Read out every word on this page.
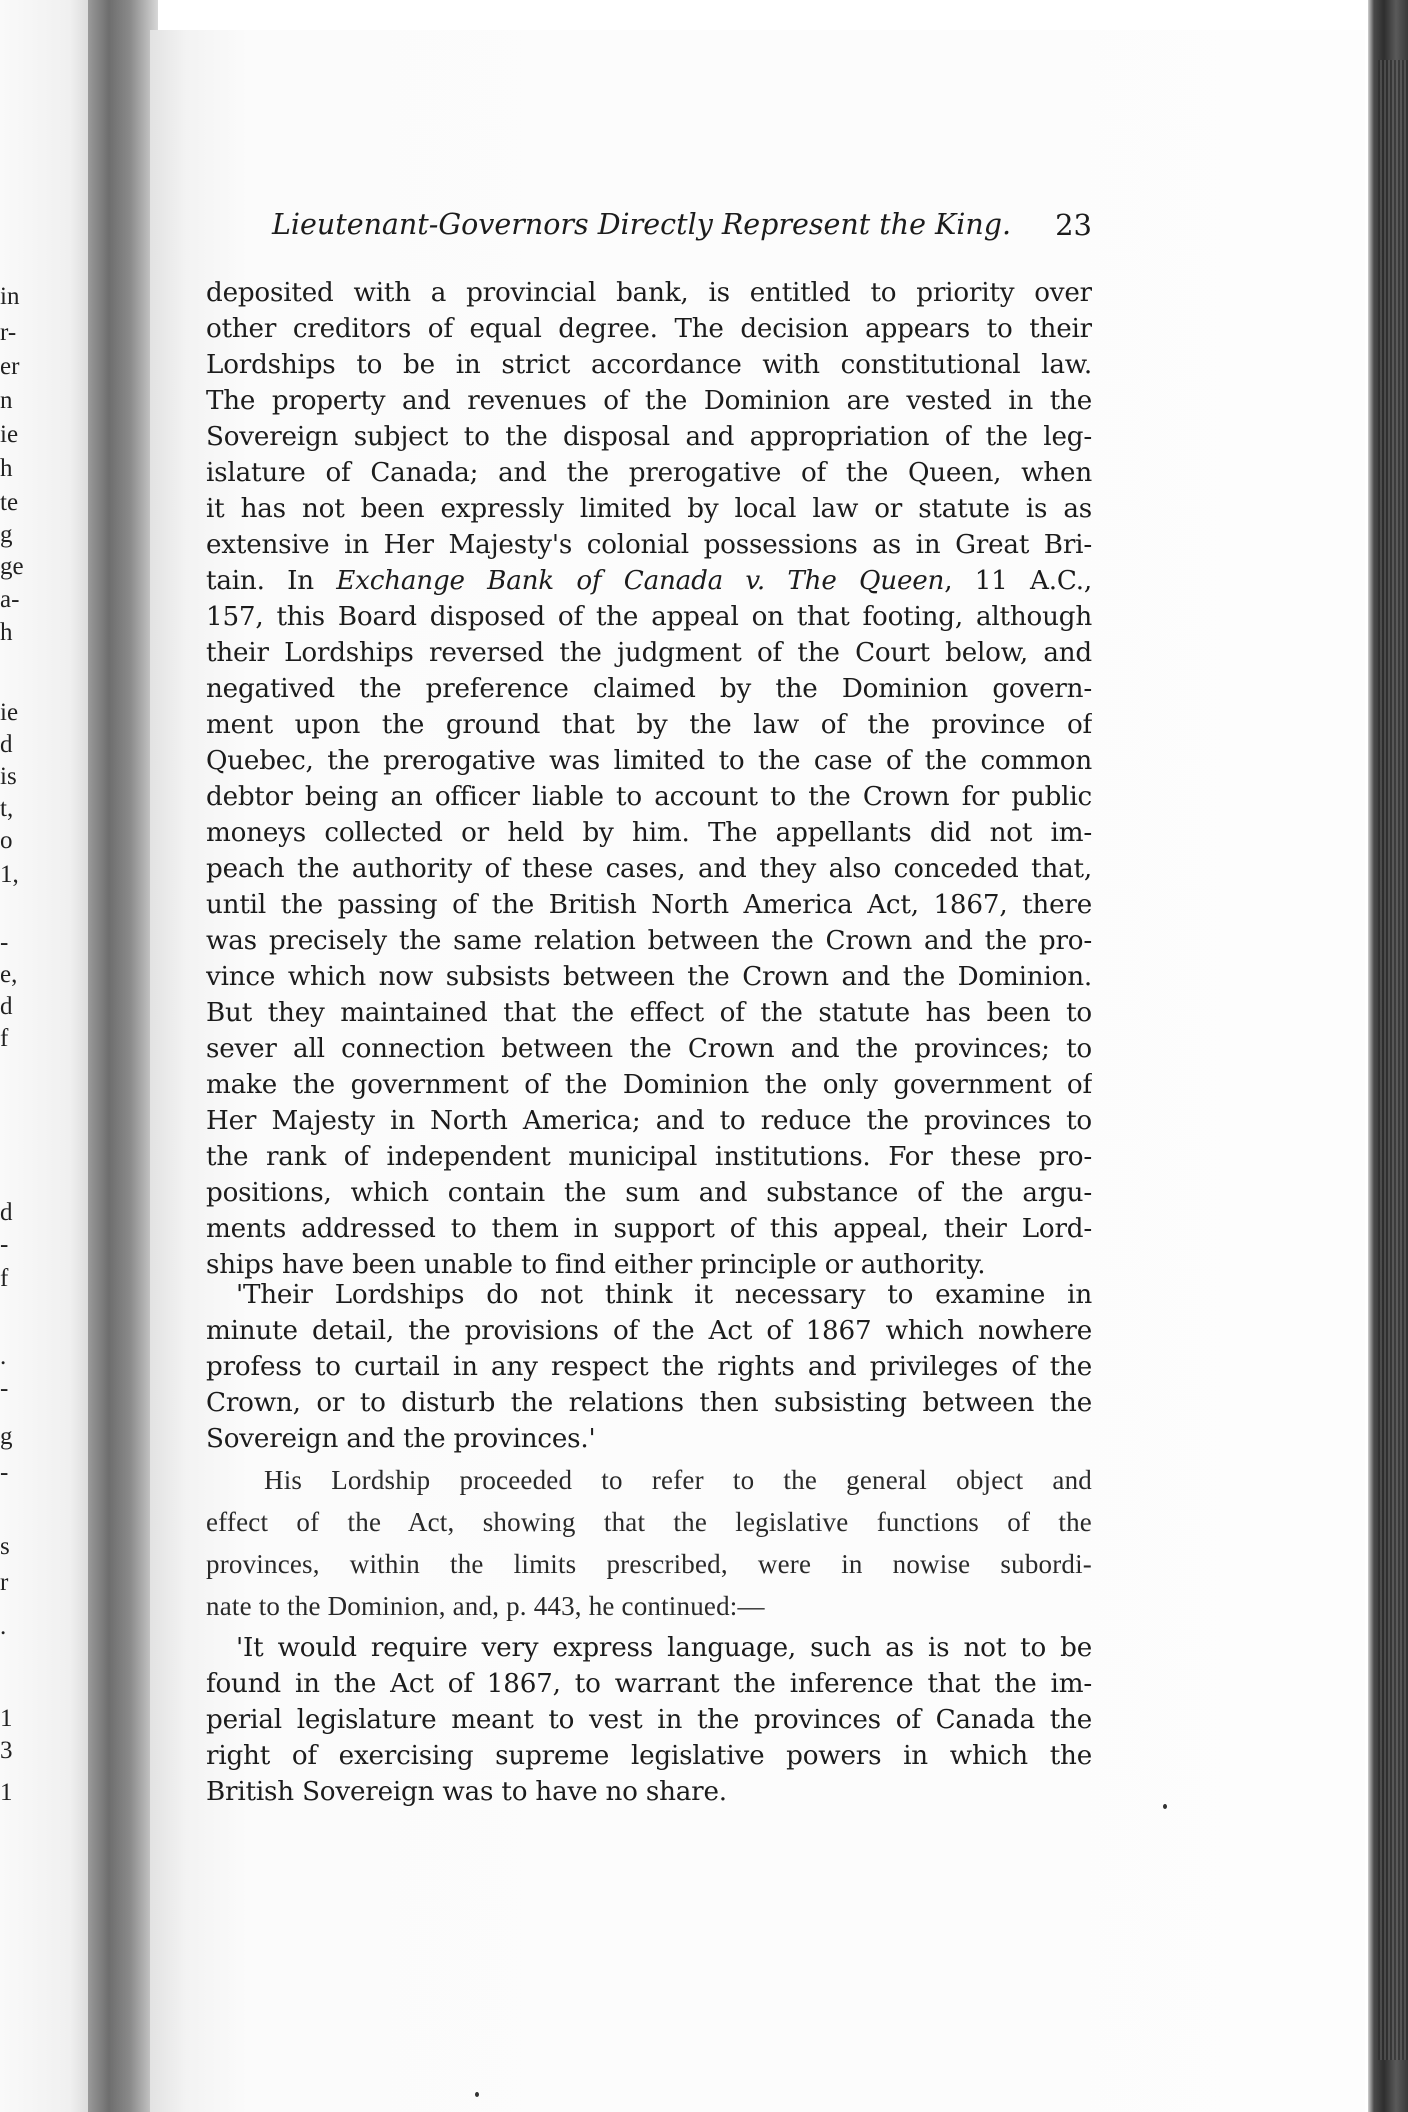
in
r-
er
n
ie
h
te
g
ge
a-
h
ie
d
is
t,
o
1,
-
e,
d
f
d
-
f
.
-
g
-
s
r
.
1
3
1
Lieutenant-Governors Directly Represent the King. 23
deposited with a provincial bank, is entitled to priority over
other creditors of equal degree. The decision appears to their
Lordships to be in strict accordance with constitutional law.
The property and revenues of the Dominion are vested in the
Sovereign subject to the disposal and appropriation of the leg-
islature of Canada; and the prerogative of the Queen, when
it has not been expressly limited by local law or statute is as
extensive in Her Majesty's colonial possessions as in Great Bri-
tain. In Exchange Bank of Canada v. The Queen, 11 A.C.,
157, this Board disposed of the appeal on that footing, although
their Lordships reversed the judgment of the Court below, and
negatived the preference claimed by the Dominion govern-
ment upon the ground that by the law of the province of
Quebec, the prerogative was limited to the case of the common
debtor being an officer liable to account to the Crown for public
moneys collected or held by him. The appellants did not im-
peach the authority of these cases, and they also conceded that,
until the passing of the British North America Act, 1867, there
was precisely the same relation between the Crown and the pro-
vince which now subsists between the Crown and the Dominion.
But they maintained that the effect of the statute has been to
sever all connection between the Crown and the provinces; to
make the government of the Dominion the only government of
Her Majesty in North America; and to reduce the provinces to
the rank of independent municipal institutions. For these pro-
positions, which contain the sum and substance of the argu-
ments addressed to them in support of this appeal, their Lord-
ships have been unable to find either principle or authority.
'Their Lordships do not think it necessary to examine in
minute detail, the provisions of the Act of 1867 which nowhere
profess to curtail in any respect the rights and privileges of the
Crown, or to disturb the relations then subsisting between the
Sovereign and the provinces.'
His Lordship proceeded to refer to the general object and
effect of the Act, showing that the legislative functions of the
provinces, within the limits prescribed, were in nowise subordi-
nate to the Dominion, and, p. 443, he continued:—
'It would require very express language, such as is not to be
found in the Act of 1867, to warrant the inference that the im-
perial legislature meant to vest in the provinces of Canada the
right of exercising supreme legislative powers in which the
British Sovereign was to have no share.
